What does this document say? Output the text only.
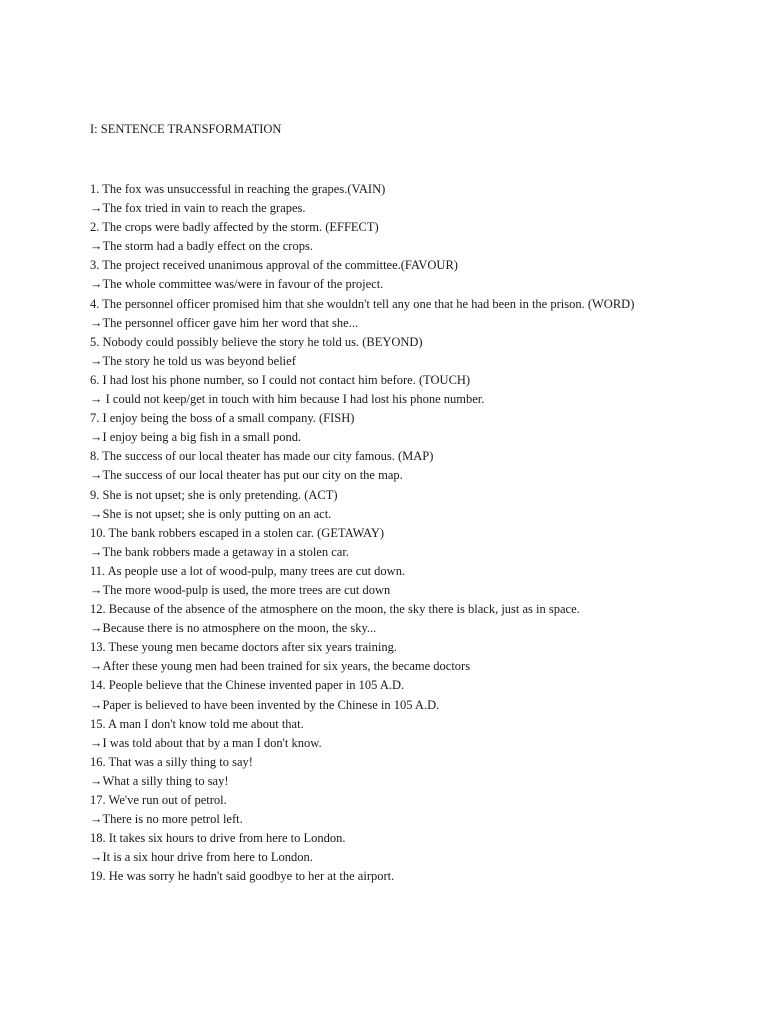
I: SENTENCE TRANSFORMATION
1. The fox was unsuccessful in reaching the grapes.(VAIN)
→The fox tried in vain to reach the grapes.
2. The crops were badly affected by the storm. (EFFECT)
→The storm had a badly effect on the crops.
3. The project received unanimous approval of the committee.(FAVOUR)
→The whole committee was/were in favour of the project.
4. The personnel officer promised him that she wouldn't tell any one that he had been in the prison. (WORD)
→The personnel officer gave him her word that she...
5. Nobody could possibly believe the story he told us. (BEYOND)
→The story he told us was beyond belief
6. I had lost his phone number, so I could not contact him before. (TOUCH)
→ I could not keep/get in touch with him because I had lost his phone number.
7. I enjoy being the boss of a small company. (FISH)
→I enjoy being a big fish in a small pond.
8. The success of our local theater has made our city famous. (MAP)
→The success of our local theater has put our city on the map.
9. She is not upset; she is only pretending. (ACT)
→She is not upset; she is only putting on an act.
10. The bank robbers escaped in a stolen car. (GETAWAY)
→The bank robbers made a getaway in a stolen car.
11. As people use a lot of wood-pulp, many trees are cut down.
→The more wood-pulp is used, the more trees are cut down
12. Because of the absence of the atmosphere on the moon, the sky there is black, just as in space.
→Because there is no atmosphere on the moon, the sky...
13. These young men became doctors after six years training.
→After these young men had been trained for six years, the became doctors
14. People believe that the Chinese invented paper in 105 A.D.
→Paper is believed to have been invented by the Chinese in 105 A.D.
15. A man I don't know told me about that.
→I was told about that by a man I don't know.
16. That was a silly thing to say!
→What a silly thing to say!
17. We've run out of petrol.
→There is no more petrol left.
18. It takes six hours to drive from here to London.
→It is a six hour drive from here to London.
19. He was sorry he hadn't said goodbye to her at the airport.
